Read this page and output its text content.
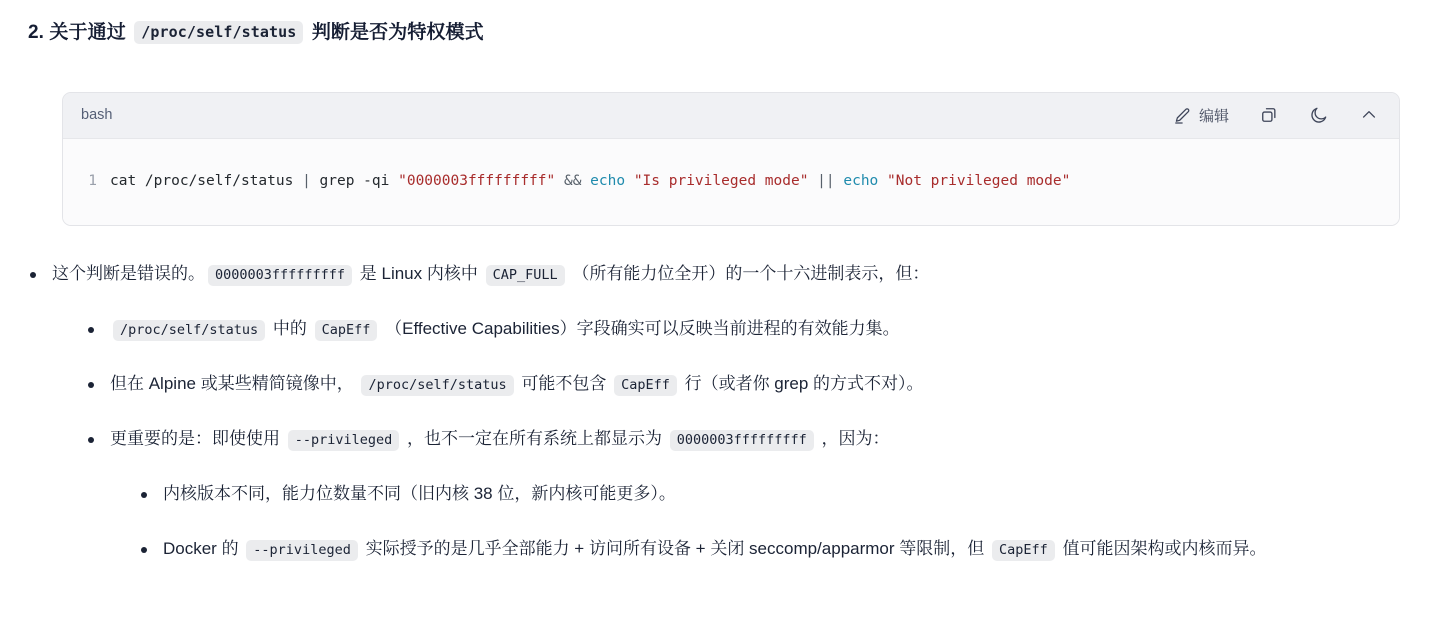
2. 关于通过 /proc/self/status 判断是否为特权模式
bash	编辑
1 cat /proc/self/status | grep -qi "0000003fffffffff" && echo "Is privileged mode" || echo "Not privileged mode"
这个判断是错误的。 0000003fffffffff 是 Linux 内核中 CAP_FULL （所有能力位全开）的一个十六进制表示，但：
/proc/self/status 中的 CapEff （Effective Capabilities）字段确实可以反映当前进程的有效能力集。
但在 Alpine 或某些精简镜像中， /proc/self/status 可能不包含 CapEff 行（或者你 grep 的方式不对）。
更重要的是：即使使用 --privileged ，也不一定在所有系统上都显示为 0000003fffffffff ，因为：
内核版本不同，能力位数量不同（旧内核 38 位，新内核可能更多）。
Docker 的 --privileged 实际授予的是几乎全部能力 + 访问所有设备 + 关闭 seccomp/apparmor 等限制，但 CapEff 值可能因架构或内核而异。
